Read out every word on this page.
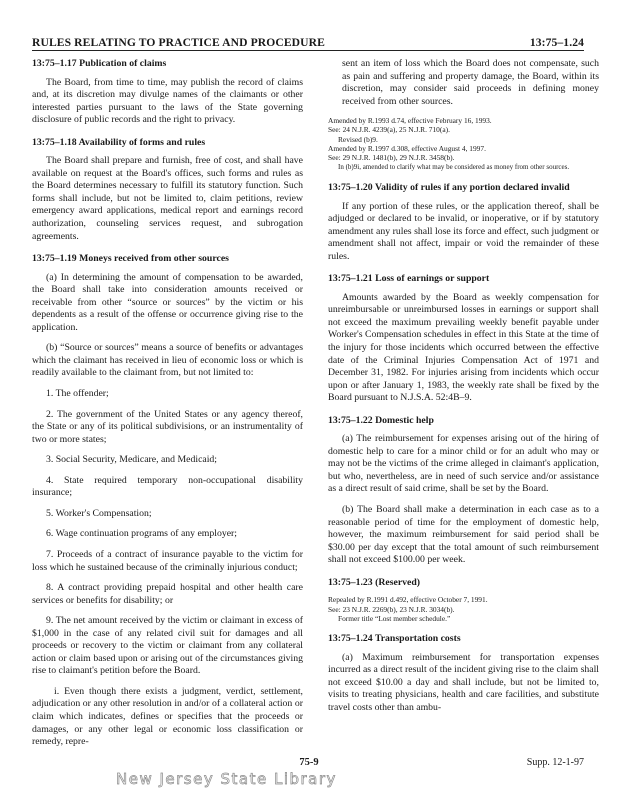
RULES RELATING TO PRACTICE AND PROCEDURE	13:75–1.24

13:75–1.17 Publication of claims

The Board, from time to time, may publish the record of claims and, at its discretion may divulge names of the claimants or other interested parties pursuant to the laws of the State governing disclosure of public records and the right to privacy.

13:75–1.18 Availability of forms and rules

The Board shall prepare and furnish, free of cost, and shall have available on request at the Board's offices, such forms and rules as the Board determines necessary to fulfill its statutory function. Such forms shall include, but not be limited to, claim petitions, review emergency award applications, medical report and earnings record authorization, counseling services request, and subrogation agreements.

13:75–1.19 Moneys received from other sources

(a) In determining the amount of compensation to be awarded, the Board shall take into consideration amounts received or receivable from other “source or sources” by the victim or his dependents as a result of the offense or occurrence giving rise to the application.

(b) “Source or sources” means a source of benefits or advantages which the claimant has received in lieu of economic loss or which is readily available to the claimant from, but not limited to:

1. The offender;

2. The government of the United States or any agency thereof, the State or any of its political subdivisions, or an instrumentality of two or more states;

3. Social Security, Medicare, and Medicaid;

4. State required temporary non-occupational disability insurance;

5. Worker's Compensation;

6. Wage continuation programs of any employer;

7. Proceeds of a contract of insurance payable to the victim for loss which he sustained because of the criminally injurious conduct;

8. A contract providing prepaid hospital and other health care services or benefits for disability; or

9. The net amount received by the victim or claimant in excess of $1,000 in the case of any related civil suit for damages and all proceeds or recovery to the victim or claimant from any collateral action or claim based upon or arising out of the circumstances giving rise to claimant's petition before the Board.

i. Even though there exists a judgment, verdict, settlement, adjudication or any other resolution in and/or of a collateral action or claim which indicates, defines or specifies that the proceeds or damages, or any other legal or economic loss classification or remedy, repre-

sent an item of loss which the Board does not compensate, such as pain and suffering and property damage, the Board, within its discretion, may consider said proceeds in defining money received from other sources.

Amended by R.1993 d.74, effective February 16, 1993.

See: 24 N.J.R. 4239(a), 25 N.J.R. 710(a).

Revised (b)9.

Amended by R.1997 d.308, effective August 4, 1997.

See: 29 N.J.R. 1481(b), 29 N.J.R. 3458(b).

In (b)9i, amended to clarify what may be considered as money from other sources.

13:75–1.20 Validity of rules if any portion declared invalid

If any portion of these rules, or the application thereof, shall be adjudged or declared to be invalid, or inoperative, or if by statutory amendment any rules shall lose its force and effect, such judgment or amendment shall not affect, impair or void the remainder of these rules.

13:75–1.21 Loss of earnings or support

Amounts awarded by the Board as weekly compensation for unreimbursable or unreimbursed losses in earnings or support shall not exceed the maximum prevailing weekly benefit payable under Worker's Compensation schedules in effect in this State at the time of the injury for those incidents which occurred between the effective date of the Criminal Injuries Compensation Act of 1971 and December 31, 1982. For injuries arising from incidents which occur upon or after January 1, 1983, the weekly rate shall be fixed by the Board pursuant to N.J.S.A. 52:4B–9.

13:75–1.22 Domestic help

(a) The reimbursement for expenses arising out of the hiring of domestic help to care for a minor child or for an adult who may or may not be the victims of the crime alleged in claimant's application, but who, nevertheless, are in need of such service and/or assistance as a direct result of said crime, shall be set by the Board.

(b) The Board shall make a determination in each case as to a reasonable period of time for the employment of domestic help, however, the maximum reimbursement for said period shall be $30.00 per day except that the total amount of such reimbursement shall not exceed $100.00 per week.

13:75–1.23 (Reserved)

Repealed by R.1991 d.492, effective October 7, 1991.

See: 23 N.J.R. 2269(b), 23 N.J.R. 3034(b).

Former title “Lost member schedule.”

13:75–1.24 Transportation costs

(a) Maximum reimbursement for transportation expenses incurred as a direct result of the incident giving rise to the claim shall not exceed $10.00 a day and shall include, but not be limited to, visits to treating physicians, health and care facilities, and substitute travel costs other than ambu-

75-9	Supp. 12-1-97
New Jersey State Library
